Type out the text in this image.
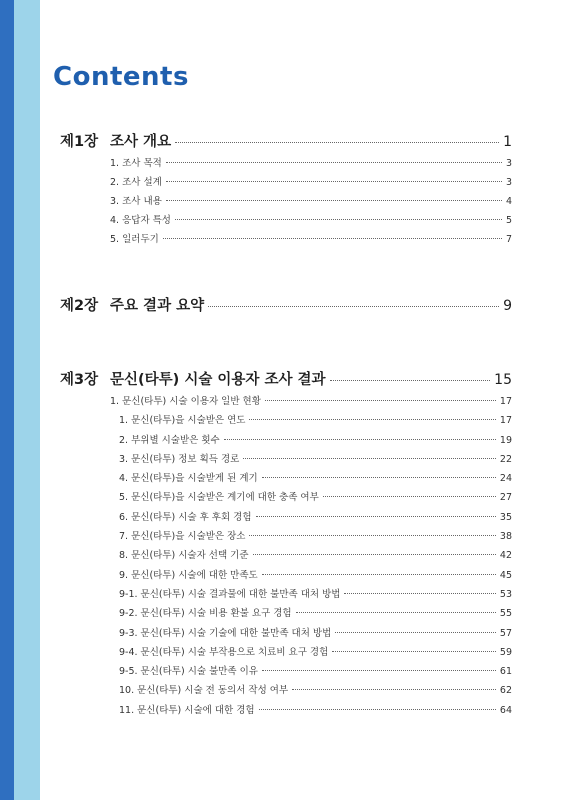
Contents
제1장 조사 개요	1
1. 조사 목적	3
2. 조사 설계	3
3. 조사 내용	4
4. 응답자 특성	5
5. 일러두기	7
제2장 주요 결과 요약	9
제3장 문신(타투) 시술 이용자 조사 결과	15
1. 문신(타투) 시술 이용자 일반 현황	17
1. 문신(타투)을 시술받은 연도	17
2. 부위별 시술받은 횟수	19
3. 문신(타투) 정보 획득 경로	22
4. 문신(타투)을 시술받게 된 계기	24
5. 문신(타투)을 시술받은 계기에 대한 충족 여부	27
6. 문신(타투) 시술 후 후회 경험	35
7. 문신(타투)을 시술받은 장소	38
8. 문신(타투) 시술자 선택 기준	42
9. 문신(타투) 시술에 대한 만족도	45
9-1. 문신(타투) 시술 결과물에 대한 불만족 대처 방법	53
9-2. 문신(타투) 시술 비용 환불 요구 경험	55
9-3. 문신(타투) 시술 기술에 대한 불만족 대처 방법	57
9-4. 문신(타투) 시술 부작용으로 치료비 요구 경험	59
9-5. 문신(타투) 시술 불만족 이유	61
10. 문신(타투) 시술 전 동의서 작성 여부	62
11. 문신(타투) 시술에 대한 경험	64
